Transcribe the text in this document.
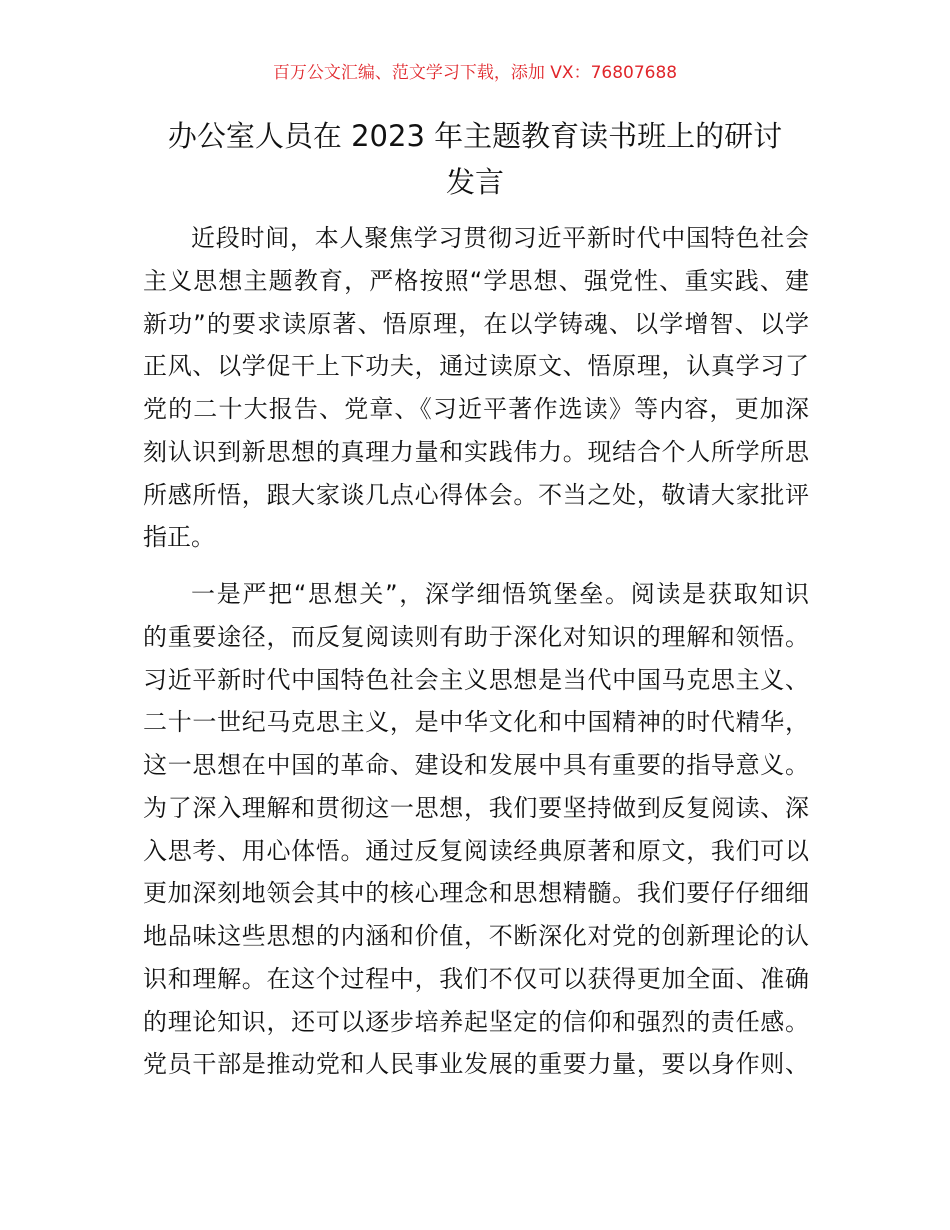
百万公文汇编、范文学习下载，添加 VX：76807688
办公室人员在 2023 年主题教育读书班上的研讨
发言
近段时间，本人聚焦学习贯彻习近平新时代中国特色社会
主义思想主题教育，严格按照“学思想、强党性、重实践、建
新功”的要求读原著、悟原理，在以学铸魂、以学增智、以学
正风、以学促干上下功夫，通过读原文、悟原理，认真学习了
党的二十大报告、党章、《习近平著作选读》等内容，更加深
刻认识到新思想的真理力量和实践伟力。现结合个人所学所思
所感所悟，跟大家谈几点心得体会。不当之处，敬请大家批评
指正。
一是严把“思想关”，深学细悟筑堡垒。阅读是获取知识
的重要途径，而反复阅读则有助于深化对知识的理解和领悟。
习近平新时代中国特色社会主义思想是当代中国马克思主义、
二十一世纪马克思主义，是中华文化和中国精神的时代精华，
这一思想在中国的革命、建设和发展中具有重要的指导意义。
为了深入理解和贯彻这一思想，我们要坚持做到反复阅读、深
入思考、用心体悟。通过反复阅读经典原著和原文，我们可以
更加深刻地领会其中的核心理念和思想精髓。我们要仔仔细细
地品味这些思想的内涵和价值，不断深化对党的创新理论的认
识和理解。在这个过程中，我们不仅可以获得更加全面、准确
的理论知识，还可以逐步培养起坚定的信仰和强烈的责任感。
党员干部是推动党和人民事业发展的重要力量，要以身作则、
